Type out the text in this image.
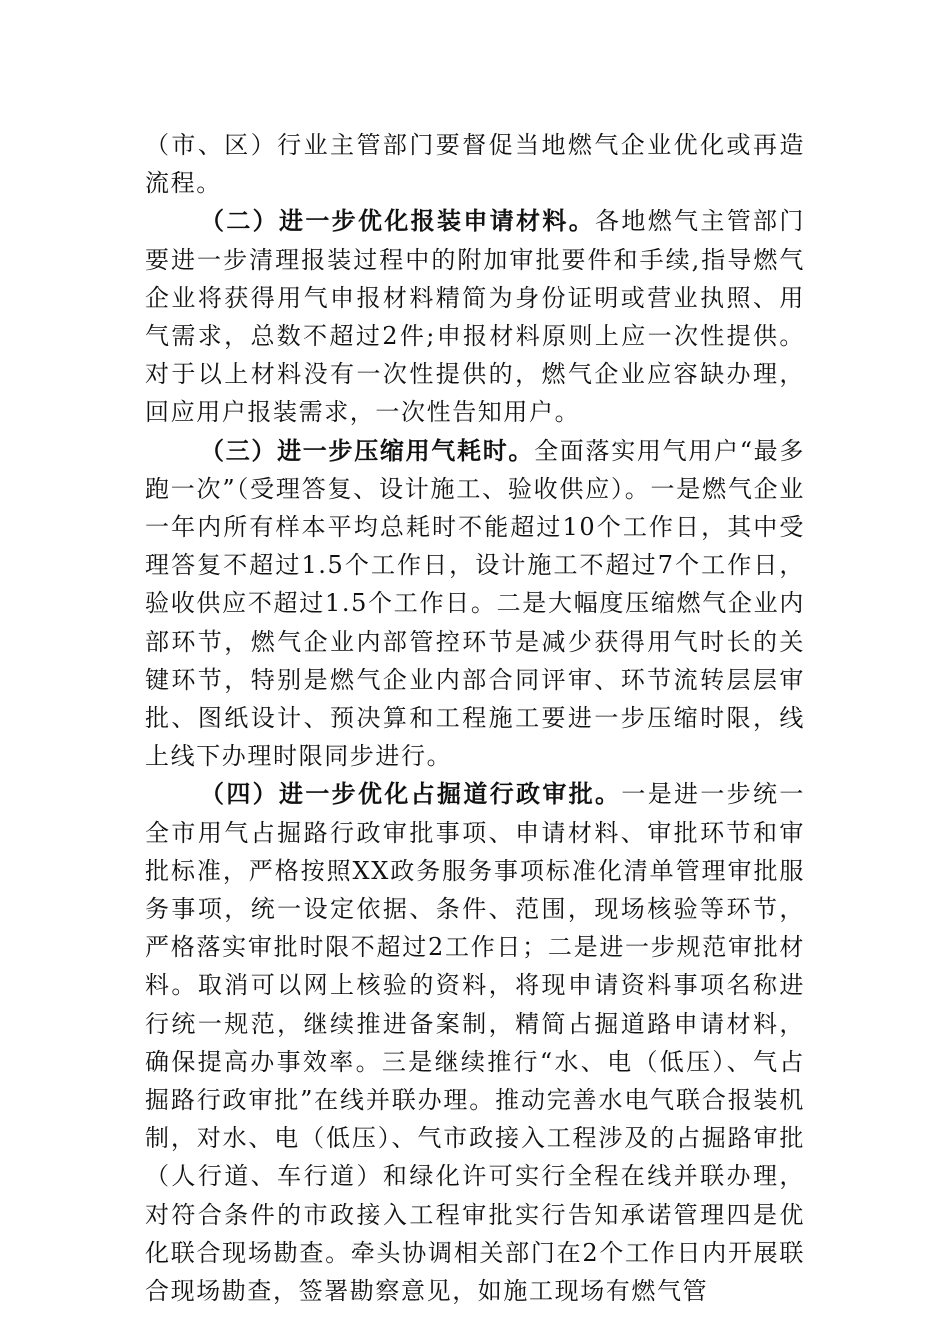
（市、区）行业主管部门要督促当地燃气企业优化或再造流程。

（二）进一步优化报装申请材料。各地燃气主管部门要进一步清理报装过程中的附加审批要件和手续,指导燃气企业将获得用气申报材料精简为身份证明或营业执照、用气需求，总数不超过2件;申报材料原则上应一次性提供。对于以上材料没有一次性提供的，燃气企业应容缺办理，回应用户报装需求，一次性告知用户。

（三）进一步压缩用气耗时。全面落实用气用户“最多跑一次”（受理答复、设计施工、验收供应）。一是燃气企业一年内所有样本平均总耗时不能超过10个工作日，其中受理答复不超过1.5个工作日，设计施工不超过7个工作日，验收供应不超过1.5个工作日。二是大幅度压缩燃气企业内部环节，燃气企业内部管控环节是减少获得用气时长的关键环节，特别是燃气企业内部合同评审、环节流转层层审批、图纸设计、预决算和工程施工要进一步压缩时限，线上线下办理时限同步进行。

（四）进一步优化占掘道行政审批。一是进一步统一全市用气占掘路行政审批事项、申请材料、审批环节和审批标准，严格按照XX政务服务事项标准化清单管理审批服务事项，统一设定依据、条件、范围，现场核验等环节，严格落实审批时限不超过2工作日；二是进一步规范审批材料。取消可以网上核验的资料，将现申请资料事项名称进行统一规范，继续推进备案制，精简占掘道路申请材料，确保提高办事效率。三是继续推行“水、电（低压）、气占掘路行政审批”在线并联办理。推动完善水电气联合报装机制，对水、电（低压）、气市政接入工程涉及的占掘路审批（人行道、车行道）和绿化许可实行全程在线并联办理，对符合条件的市政接入工程审批实行告知承诺管理四是优化联合现场勘查。牵头协调相关部门在2个工作日内开展联合现场勘查，签署勘察意见，如施工现场有燃气管
